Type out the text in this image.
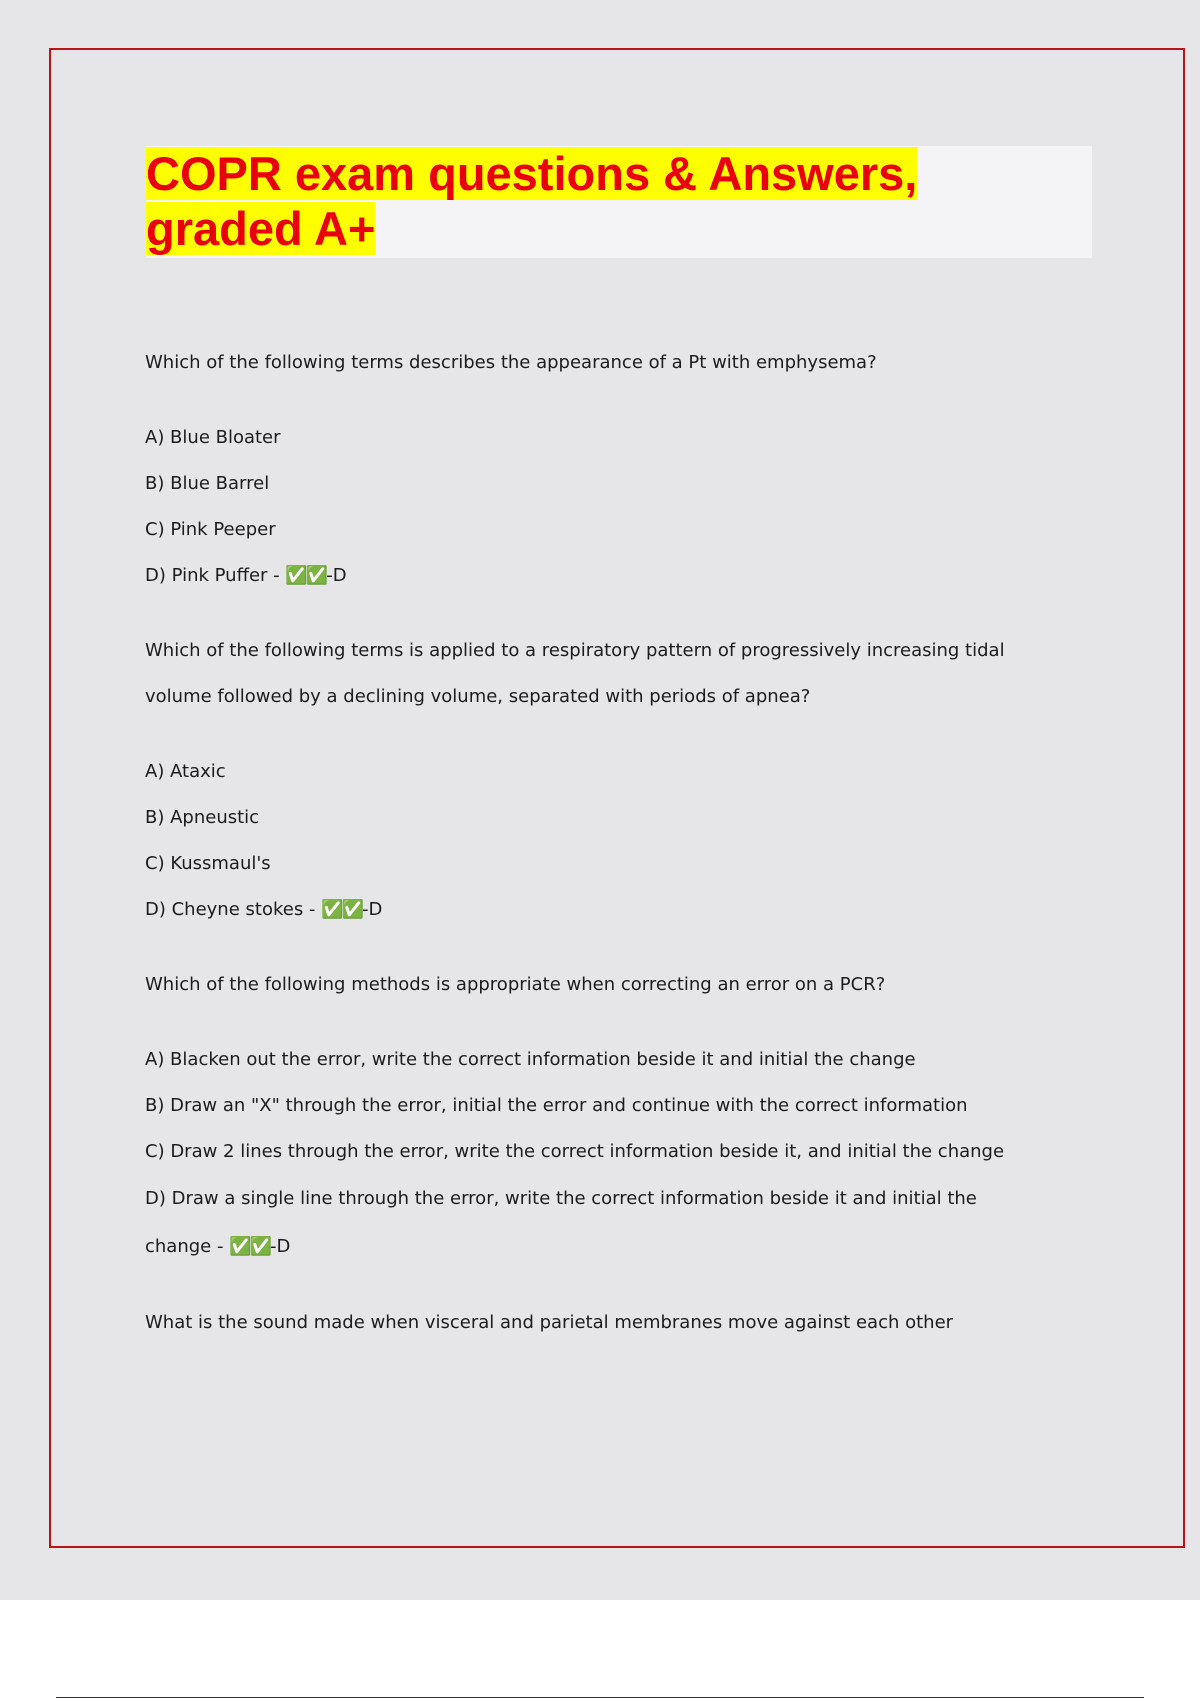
COPR exam questions & Answers, graded A+

Which of the following terms describes the appearance of a Pt with emphysema?

A) Blue Bloater
B) Blue Barrel
C) Pink Peeper
D) Pink Puffer - ✅✅-D

Which of the following terms is applied to a respiratory pattern of progressively increasing tidal volume followed by a declining volume, separated with periods of apnea?

A) Ataxic
B) Apneustic
C) Kussmaul's
D) Cheyne stokes - ✅✅-D

Which of the following methods is appropriate when correcting an error on a PCR?

A) Blacken out the error, write the correct information beside it and initial the change
B) Draw an "X" through the error, initial the error and continue with the correct information
C) Draw 2 lines through the error, write the correct information beside it, and initial the change
D) Draw a single line through the error, write the correct information beside it and initial the change - ✅✅-D

What is the sound made when visceral and parietal membranes move against each other
